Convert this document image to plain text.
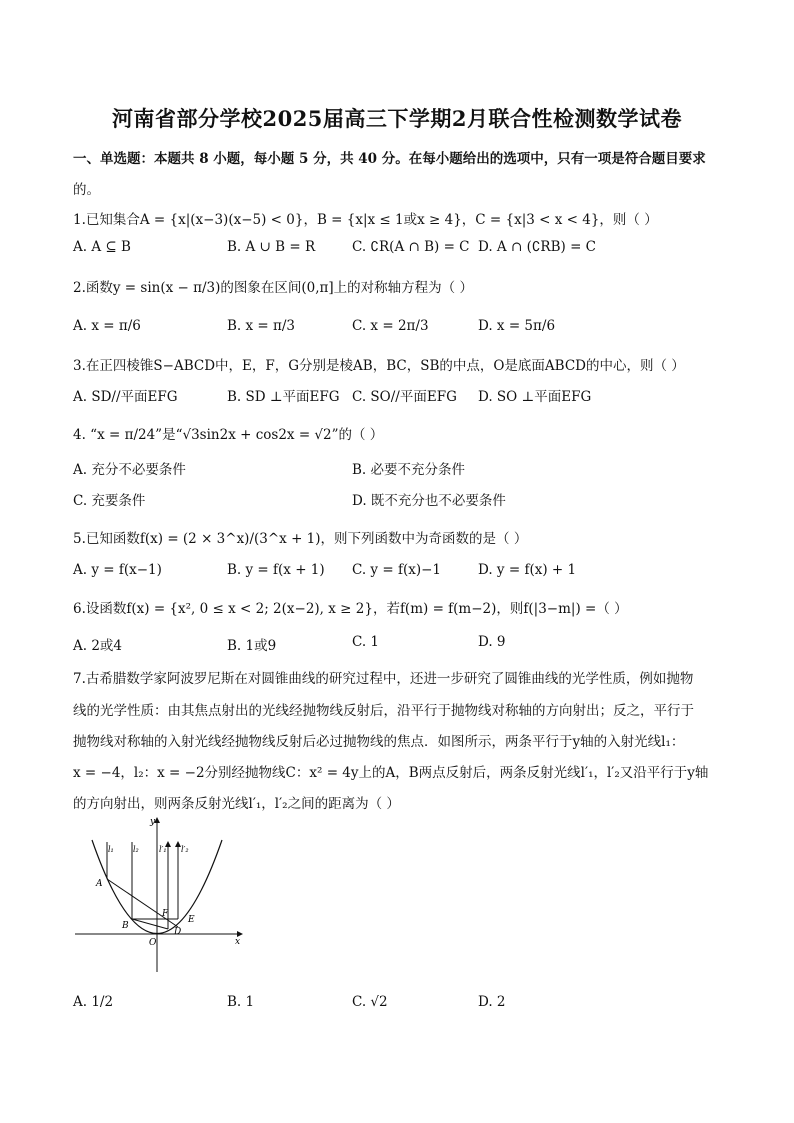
河南省部分学校2025届高三下学期2月联合性检测数学试卷
一、单选题：本题共 8 小题，每小题 5 分，共 40 分。在每小题给出的选项中，只有一项是符合题目要求
的。
1.已知集合A = {x|(x−3)(x−5) < 0}，B = {x|x ≤ 1或x ≥ 4}，C = {x|3 < x < 4}，则（ ）
A. A ⊆ B	B. A ∪ B = R	C. ∁R(A ∩ B) = C D. A ∩ (∁RB) = C
2.函数y = sin(x − π/3)的图象在区间(0,π]上的对称轴方程为（ ）
A. x = π/6	B. x = π/3	C. x = 2π/3	D. x = 5π/6
3.在正四棱锥S−ABCD中，E，F，G分别是棱AB，BC，SB的中点，O是底面ABCD的中心，则（ ）
A. SD//平面EFG	B. SD ⊥平面EFG C. SO//平面EFG D. SO ⊥平面EFG
4. “x = π/24”是“√3sin2x + cos2x = √2”的（ ）
A. 充分不必要条件	B. 必要不充分条件
C. 充要条件	D. 既不充分也不必要条件
5.已知函数f(x) = (2 × 3^x)/(3^x + 1)，则下列函数中为奇函数的是（ ）
A. y = f(x−1)	B. y = f(x + 1) C. y = f(x)−1	D. y = f(x) + 1
6.设函数f(x) = {x², 0 ≤ x < 2; 2(x−2), x ≥ 2}，若f(m) = f(m−2)，则f(|3−m|) =（ ）
A. 2或4	B. 1或9	C. 1	D. 9
7.古希腊数学家阿波罗尼斯在对圆锥曲线的研究过程中，还进一步研究了圆锥曲线的光学性质，例如抛物
线的光学性质：由其焦点射出的光线经抛物线反射后，沿平行于抛物线对称轴的方向射出；反之，平行于
抛物线对称轴的入射光线经抛物线反射后必过抛物线的焦点．如图所示，两条平行于y轴的入射光线l₁：
x = −4，l₂：x = −2分别经抛物线C：x² = 4y上的A，B两点反射后，两条反射光线l′₁，l′₂又沿平行于y轴
的方向射出，则两条反射光线l′₁，l′₂之间的距离为（ ）
y
x
l₁ l₂	l′₁ l′₂
A
B
F
E
O
D
A. 1/2	B. 1	C. √2	D. 2
